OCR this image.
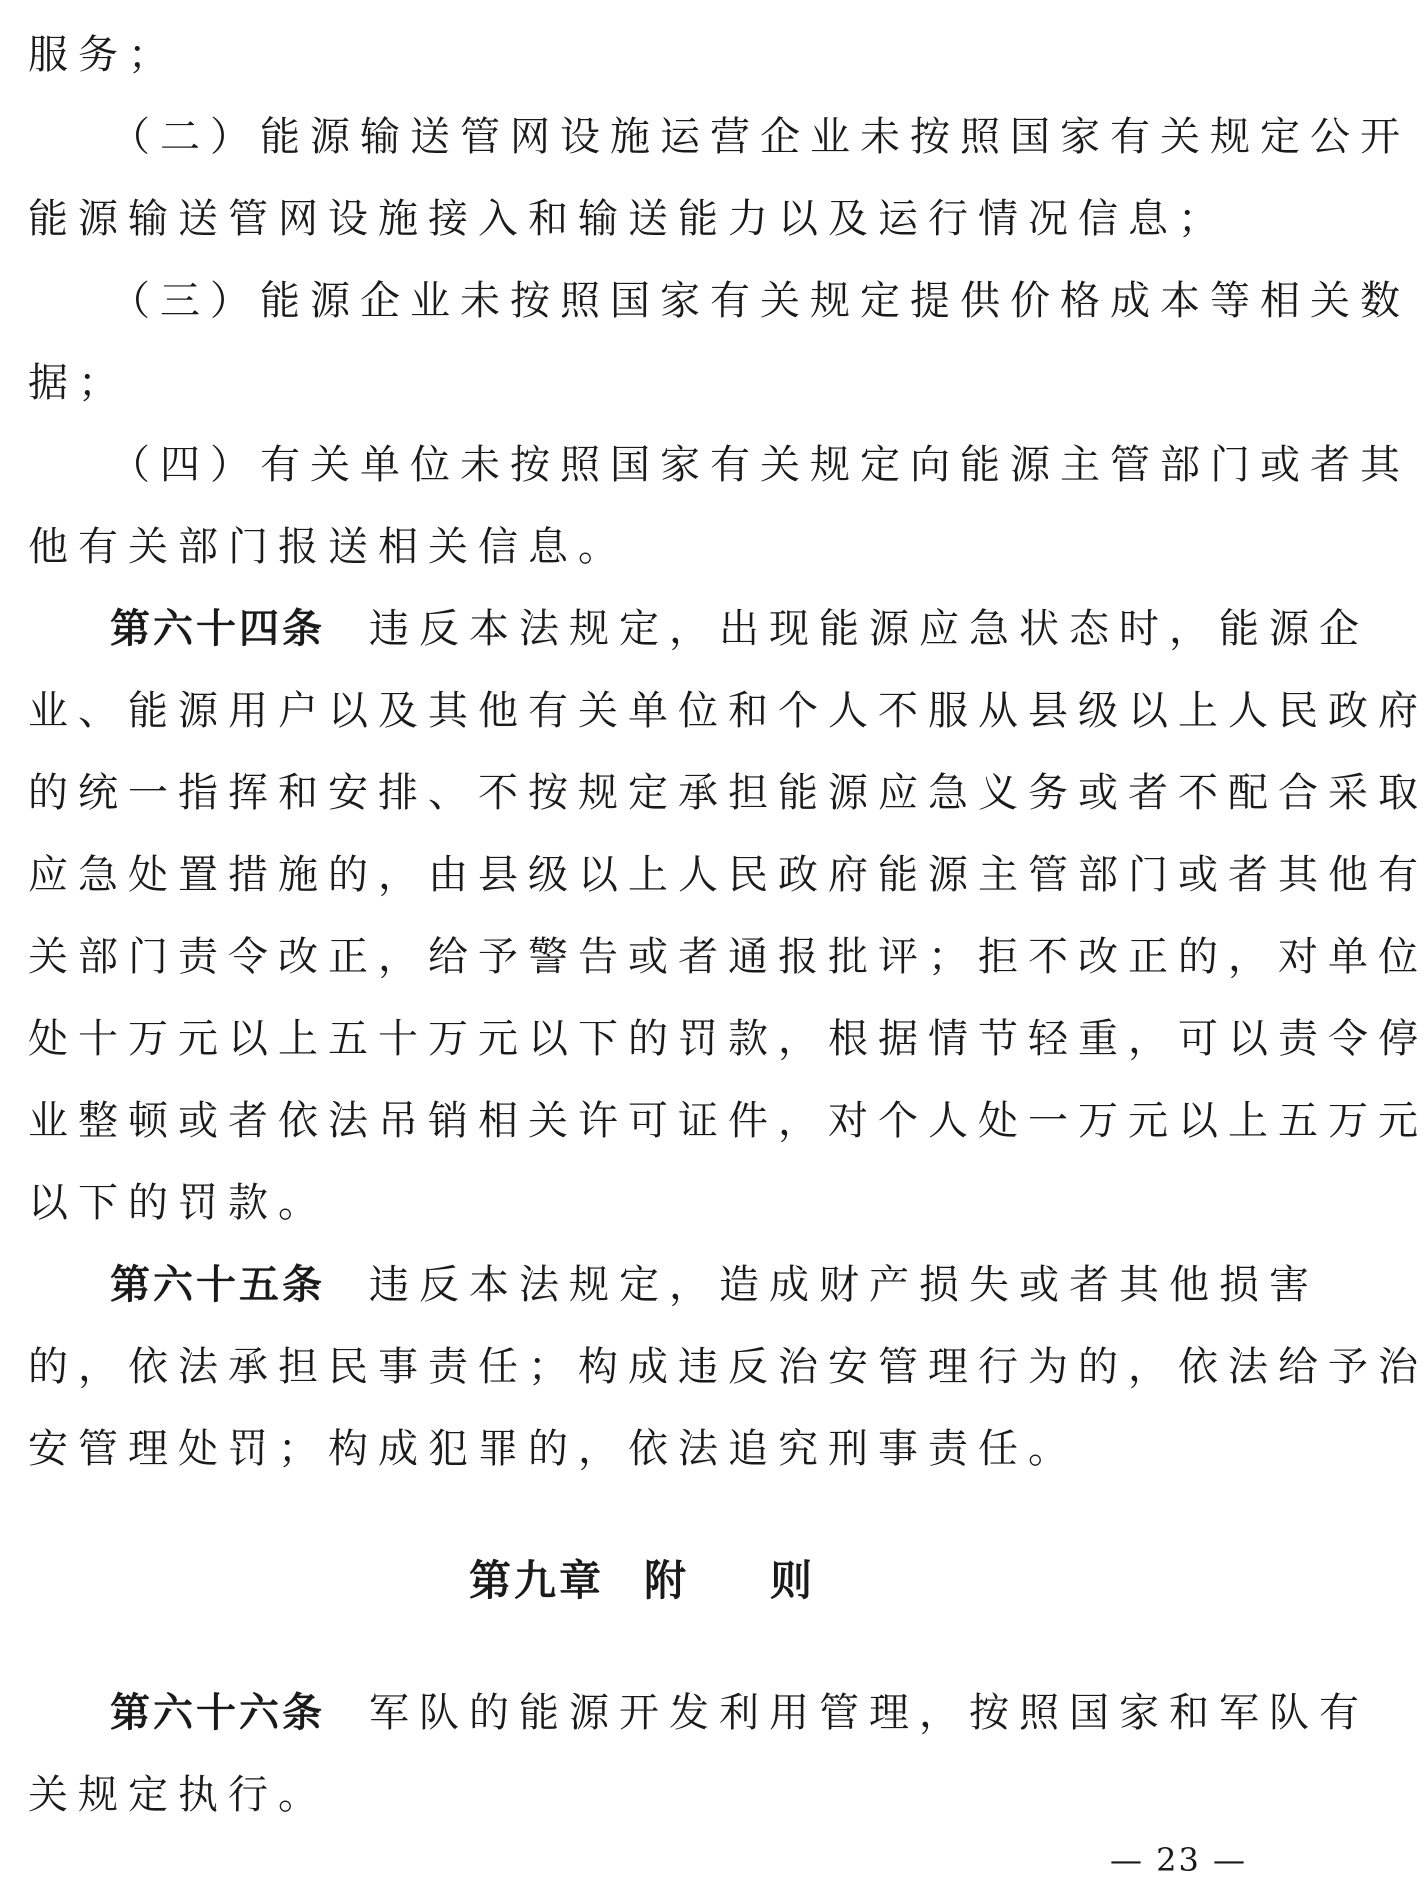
服务；
（二）能源输送管网设施运营企业未按照国家有关规定公开
能源输送管网设施接入和输送能力以及运行情况信息；
（三）能源企业未按照国家有关规定提供价格成本等相关数
据；
（四）有关单位未按照国家有关规定向能源主管部门或者其
他有关部门报送相关信息。
第六十四条 违反本法规定，出现能源应急状态时，能源企
业、能源用户以及其他有关单位和个人不服从县级以上人民政府
的统一指挥和安排、不按规定承担能源应急义务或者不配合采取
应急处置措施的，由县级以上人民政府能源主管部门或者其他有
关部门责令改正，给予警告或者通报批评；拒不改正的，对单位
处十万元以上五十万元以下的罚款，根据情节轻重，可以责令停
业整顿或者依法吊销相关许可证件，对个人处一万元以上五万元
以下的罚款。
第六十五条 违反本法规定，造成财产损失或者其他损害
的，依法承担民事责任；构成违反治安管理行为的，依法给予治
安管理处罚；构成犯罪的，依法追究刑事责任。
第九章 附 则
第六十六条 军队的能源开发利用管理，按照国家和军队有
关规定执行。
— 23 —
